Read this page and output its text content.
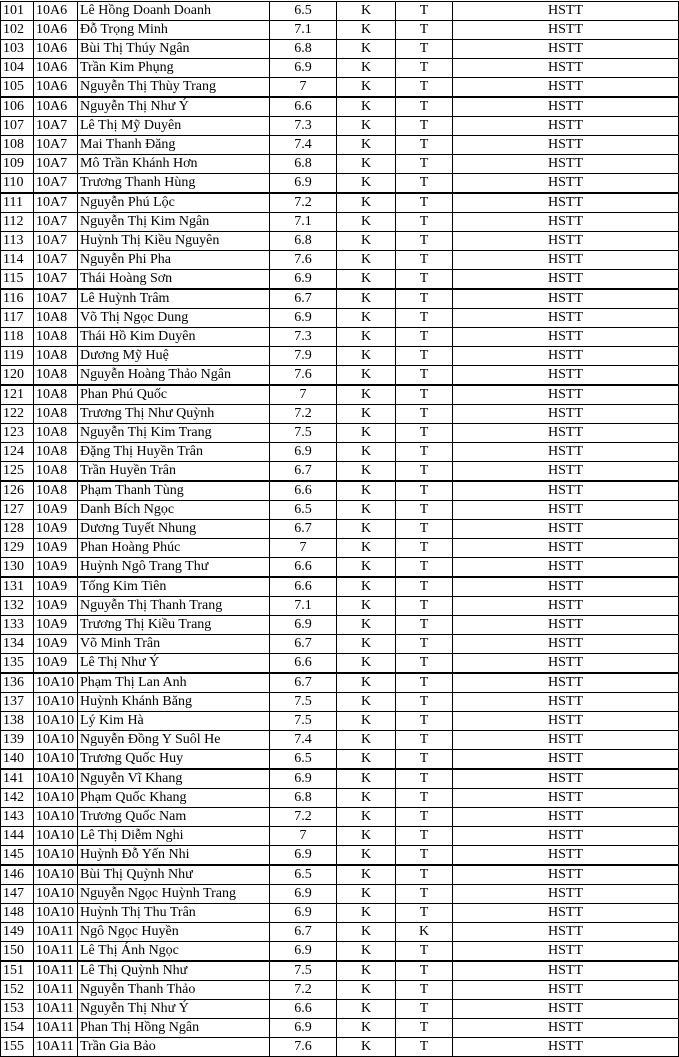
101	10A6	Lê Hồng Doanh Doanh	6.5	K	T	HSTT
102	10A6	Đỗ Trọng Minh	7.1	K	T	HSTT
103	10A6	Bùi Thị Thúy Ngân	6.8	K	T	HSTT
104	10A6	Trần Kim Phụng	6.9	K	T	HSTT
105	10A6	Nguyễn Thị Thùy Trang	7	K	T	HSTT
106	10A6	Nguyễn Thị Như Ý	6.6	K	T	HSTT
107	10A7	Lê Thị Mỹ Duyên	7.3	K	T	HSTT
108	10A7	Mai Thanh Đăng	7.4	K	T	HSTT
109	10A7	Mô Trần Khánh Hơn	6.8	K	T	HSTT
110	10A7	Trương Thanh Hùng	6.9	K	T	HSTT
111	10A7	Nguyễn Phú Lộc	7.2	K	T	HSTT
112	10A7	Nguyễn Thị Kim Ngân	7.1	K	T	HSTT
113	10A7	Huỳnh Thị Kiều Nguyên	6.8	K	T	HSTT
114	10A7	Nguyễn Phi Pha	7.6	K	T	HSTT
115	10A7	Thái Hoàng Sơn	6.9	K	T	HSTT
116	10A7	Lê Huỳnh Trâm	6.7	K	T	HSTT
117	10A8	Võ Thị Ngọc Dung	6.9	K	T	HSTT
118	10A8	Thái Hồ Kim Duyên	7.3	K	T	HSTT
119	10A8	Dương Mỹ Huệ	7.9	K	T	HSTT
120	10A8	Nguyễn Hoàng Thảo Ngân	7.6	K	T	HSTT
121	10A8	Phan Phú Quốc	7	K	T	HSTT
122	10A8	Trương Thị Như Quỳnh	7.2	K	T	HSTT
123	10A8	Nguyễn Thị Kim Trang	7.5	K	T	HSTT
124	10A8	Đặng Thị Huyền Trân	6.9	K	T	HSTT
125	10A8	Trần Huyền Trân	6.7	K	T	HSTT
126	10A8	Phạm Thanh Tùng	6.6	K	T	HSTT
127	10A9	Danh Bích Ngọc	6.5	K	T	HSTT
128	10A9	Dương Tuyết Nhung	6.7	K	T	HSTT
129	10A9	Phan Hoàng Phúc	7	K	T	HSTT
130	10A9	Huỳnh Ngô Trang Thư	6.6	K	T	HSTT
131	10A9	Tống Kim Tiên	6.6	K	T	HSTT
132	10A9	Nguyễn Thị Thanh Trang	7.1	K	T	HSTT
133	10A9	Trương Thị Kiều Trang	6.9	K	T	HSTT
134	10A9	Võ Minh Trân	6.7	K	T	HSTT
135	10A9	Lê Thị Như Ý	6.6	K	T	HSTT
136	10A10	Phạm Thị Lan Anh	6.7	K	T	HSTT
137	10A10	Huỳnh Khánh Băng	7.5	K	T	HSTT
138	10A10	Lý Kim Hà	7.5	K	T	HSTT
139	10A10	Nguyễn Đồng Y Suôl He	7.4	K	T	HSTT
140	10A10	Trương Quốc Huy	6.5	K	T	HSTT
141	10A10	Nguyễn Vĩ Khang	6.9	K	T	HSTT
142	10A10	Phạm Quốc Khang	6.8	K	T	HSTT
143	10A10	Trương Quốc Nam	7.2	K	T	HSTT
144	10A10	Lê Thị Diễm Nghi	7	K	T	HSTT
145	10A10	Huỳnh Đỗ Yến Nhi	6.9	K	T	HSTT
146	10A10	Bùi Thị Quỳnh Như	6.5	K	T	HSTT
147	10A10	Nguyễn Ngọc Huỳnh Trang	6.9	K	T	HSTT
148	10A10	Huỳnh Thị Thu Trân	6.9	K	T	HSTT
149	10A11	Ngô Ngọc Huyền	6.7	K	K	HSTT
150	10A11	Lê Thị Ánh Ngọc	6.9	K	T	HSTT
151	10A11	Lê Thị Quỳnh Như	7.5	K	T	HSTT
152	10A11	Nguyễn Thanh Thảo	7.2	K	T	HSTT
153	10A11	Nguyễn Thị Như Ý	6.6	K	T	HSTT
154	10A11	Phan Thị Hồng Ngân	6.9	K	T	HSTT
155	10A11	Trần Gia Bảo	7.6	K	T	HSTT
